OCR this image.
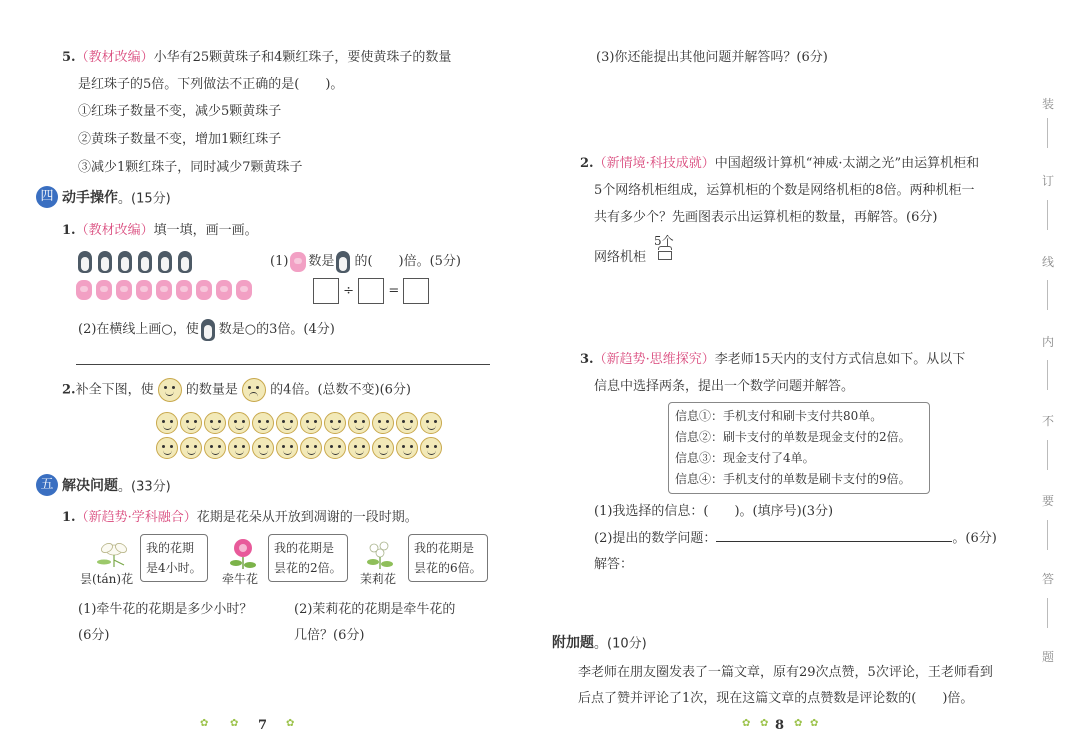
5.（教材改编）小华有25颗黄珠子和4颗红珠子，要使黄珠子的数量
是红珠子的5倍。下列做法不正确的是(　　)。
①红珠子数量不变，减少5颗黄珠子
②黄珠子数量不变，增加1颗红珠子
③减少1颗红珠子，同时减少7颗黄珠子
四 动手操作。(15分)
1.（教材改编）填一填，画一画。
(1) 数是 的(　　)倍。(5分)
÷	=
(2)在横线上画○，使 数是○的3倍。(4分)
2.补全下图，使 的数量是 的4倍。(总数不变)(6分)
五 解决问题。(33分)
1.（新趋势·学科融合）花期是花朵从开放到凋谢的一段时期。
昙(tán)花
我的花期
是4小时。
牵牛花
我的花期是
昙花的2倍。
茉莉花
我的花期是
昙花的6倍。
(1)牵牛花的花期是多少小时？
(6分)
(2)茉莉花的花期是牵牛花的
几倍？(6分)
✿ ✿ 7 ✿
(3)你还能提出其他问题并解答吗？(6分)
2.（新情境·科技成就）中国超级计算机“神威·太湖之光”由运算机柜和
5个网络机柜组成，运算机柜的个数是网络机柜的8倍。两种机柜一
共有多少个？先画图表示出运算机柜的数量，再解答。(6分)
5个
网络机柜
3.（新趋势·思维探究）李老师15天内的支付方式信息如下。从以下
信息中选择两条，提出一个数学问题并解答。
信息①：手机支付和刷卡支付共80单。
信息②：刷卡支付的单数是现金支付的2倍。
信息③：现金支付了4单。
信息④：手机支付的单数是刷卡支付的9倍。
(1)我选择的信息：(　　)。(填序号)(3分)
(2)提出的数学问题：	。(6分)
解答：
附加题。(10分)
李老师在朋友圈发表了一篇文章，原有29次点赞，5次评论，王老师看到
后点了赞并评论了1次，现在这篇文章的点赞数是评论数的(　　)倍。
✿ ✿ 8 ✿ ✿
装
订
线
内
不
要
答
题
